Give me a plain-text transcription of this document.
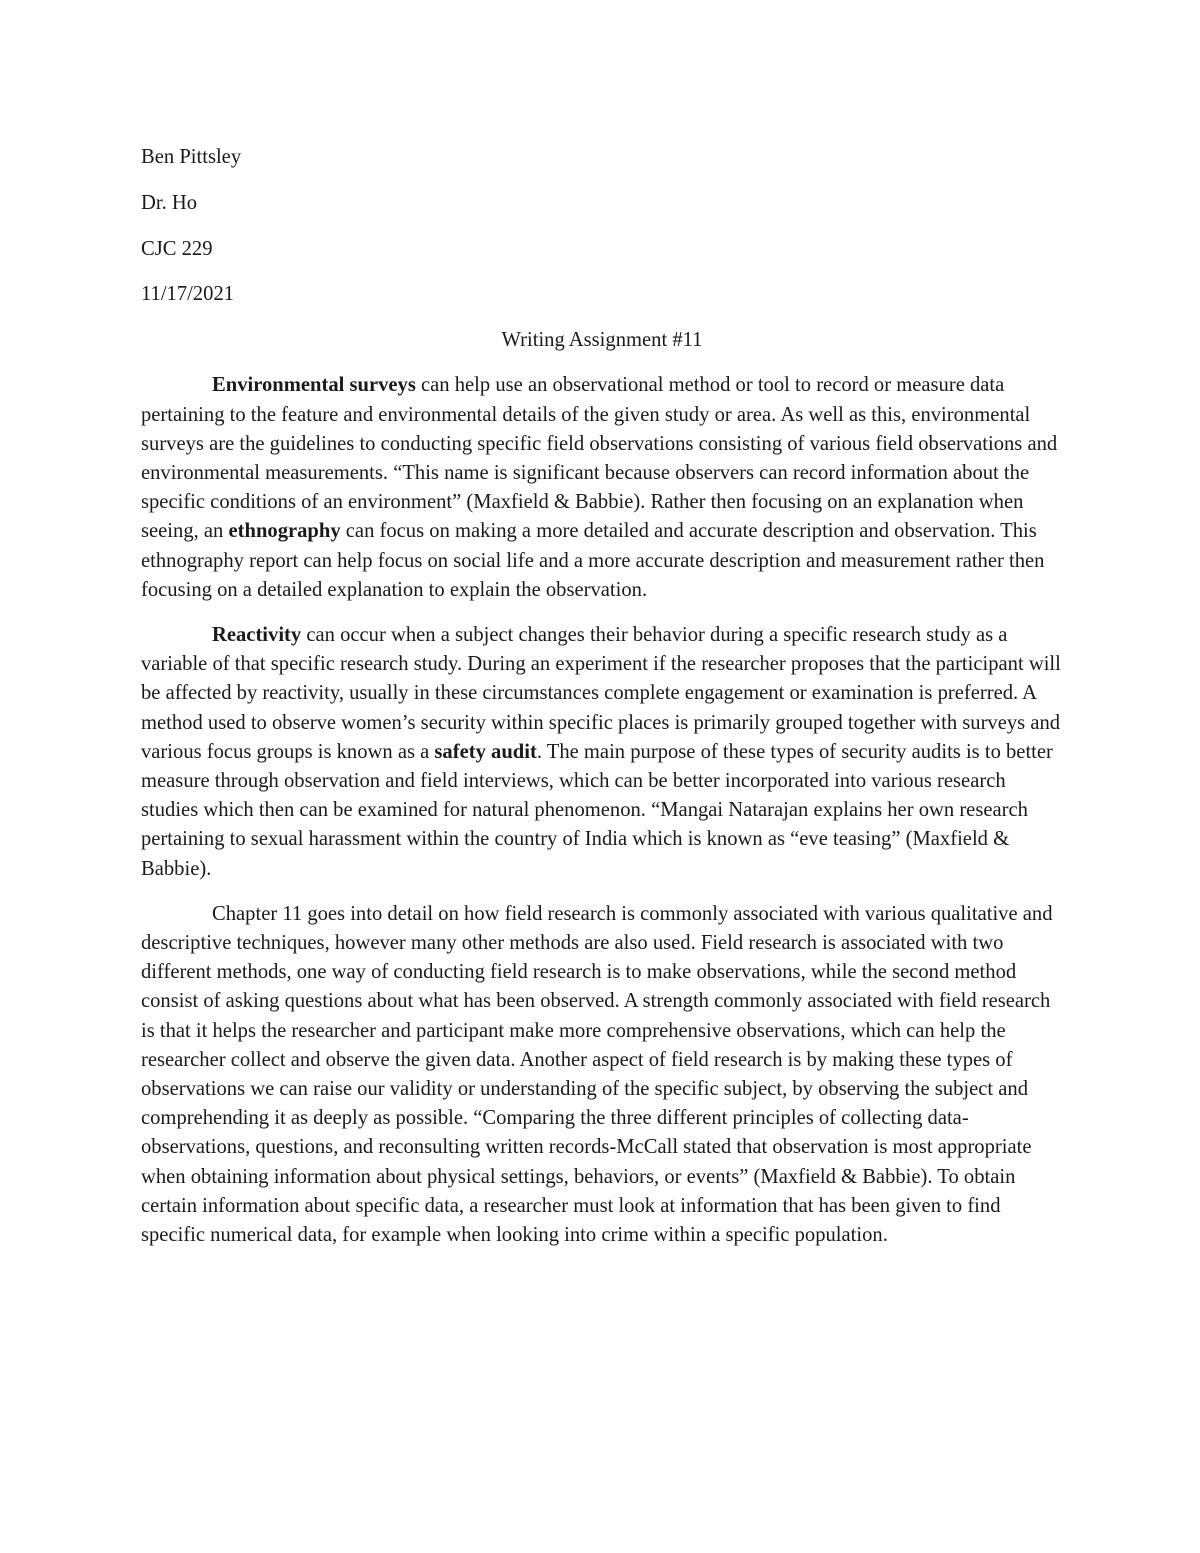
Ben Pittsley
Dr. Ho
CJC 229
11/17/2021
Writing Assignment #11

Environmental surveys can help use an observational method or tool to record or measure data pertaining to the feature and environmental details of the given study or area. As well as this, environmental surveys are the guidelines to conducting specific field observations consisting of various field observations and environmental measurements. “This name is significant because observers can record information about the specific conditions of an environment” (Maxfield & Babbie). Rather then focusing on an explanation when seeing, an ethnography can focus on making a more detailed and accurate description and observation. This ethnography report can help focus on social life and a more accurate description and measurement rather then focusing on a detailed explanation to explain the observation.

Reactivity can occur when a subject changes their behavior during a specific research study as a variable of that specific research study. During an experiment if the researcher proposes that the participant will be affected by reactivity, usually in these circumstances complete engagement or examination is preferred. A method used to observe women’s security within specific places is primarily grouped together with surveys and various focus groups is known as a safety audit. The main purpose of these types of security audits is to better measure through observation and field interviews, which can be better incorporated into various research studies which then can be examined for natural phenomenon. “Mangai Natarajan explains her own research pertaining to sexual harassment within the country of India which is known as “eve teasing” (Maxfield & Babbie).

Chapter 11 goes into detail on how field research is commonly associated with various qualitative and descriptive techniques, however many other methods are also used. Field research is associated with two different methods, one way of conducting field research is to make observations, while the second method consist of asking questions about what has been observed. A strength commonly associated with field research is that it helps the researcher and participant make more comprehensive observations, which can help the researcher collect and observe the given data. Another aspect of field research is by making these types of observations we can raise our validity or understanding of the specific subject, by observing the subject and comprehending it as deeply as possible. “Comparing the three different principles of collecting data-observations, questions, and reconsulting written records-McCall stated that observation is most appropriate when obtaining information about physical settings, behaviors, or events” (Maxfield & Babbie). To obtain certain information about specific data, a researcher must look at information that has been given to find specific numerical data, for example when looking into crime within a specific population.
